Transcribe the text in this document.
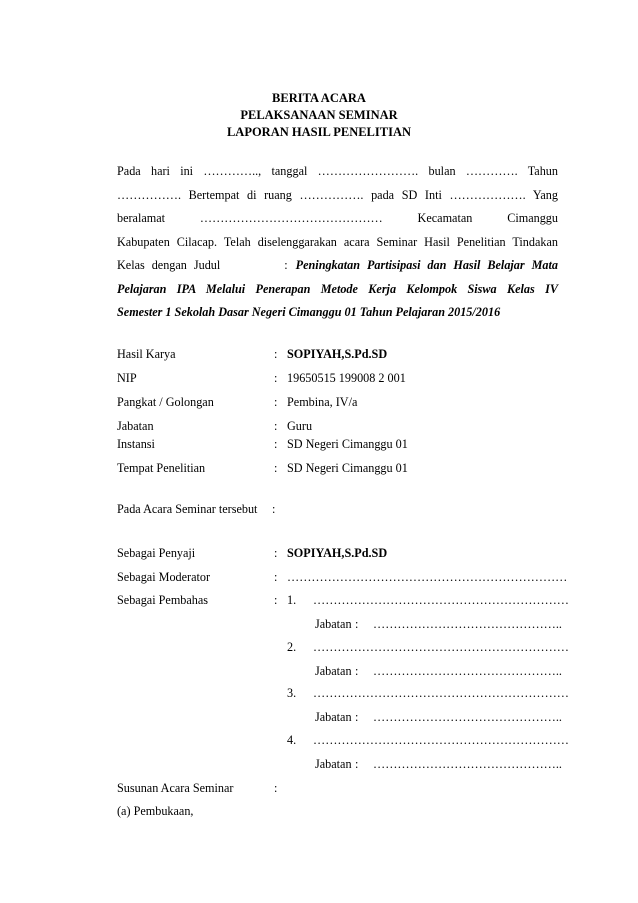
BERITA ACARA
PELAKSANAAN SEMINAR
LAPORAN HASIL PENELITIAN
Pada hari ini ………….., tanggal ……………………. bulan …………. Tahun
……………. Bertempat di ruang ……………. pada SD Inti ………………. Yang
beralamat ……………………………………… Kecamatan Cimanggu
Kabupaten Cilacap. Telah diselenggarakan acara Seminar Hasil Penelitian Tindakan
Kelas dengan Judul	: Peningkatan Partisipasi dan Hasil Belajar Mata
Pelajaran IPA Melalui Penerapan Metode Kerja Kelompok Siswa Kelas IV
Semester 1 Sekolah Dasar Negeri Cimanggu 01 Tahun Pelajaran 2015/2016
Hasil Karya	: SOPIYAH,S.Pd.SD
NIP	: 19650515 199008 2 001
Pangkat / Golongan	: Pembina, IV/a
Jabatan	: Guru
Instansi	: SD Negeri Cimanggu 01
Tempat Penelitian	: SD Negeri Cimanggu 01
Pada Acara Seminar tersebut :
Sebagai Penyaji	: SOPIYAH,S.Pd.SD
Sebagai Moderator	: ……………………………………………………………
Sebagai Pembahas	: 1. ………………………………………………………
Jabatan : ………………………………………..
2. ………………………………………………………
Jabatan : ………………………………………..
3. ………………………………………………………
Jabatan : ………………………………………..
4. ………………………………………………………
Jabatan : ………………………………………..
Susunan Acara Seminar	:
(a) Pembukaan,
